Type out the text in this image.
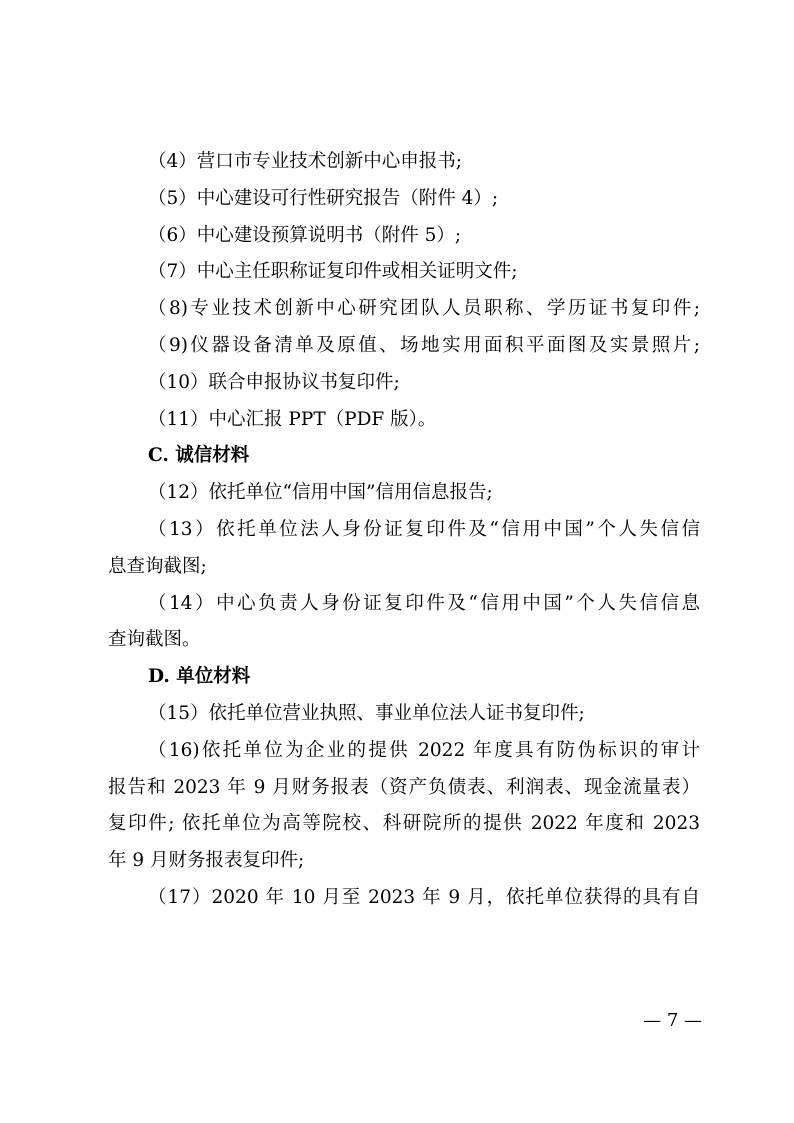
（4）营口市专业技术创新中心申报书;
（5）中心建设可行性研究报告（附件 4）;
（6）中心建设预算说明书（附件 5）;
（7）中心主任职称证复印件或相关证明文件;
（8)专业技术创新中心研究团队人员职称、学历证书复印件;
（9)仪器设备清单及原值、场地实用面积平面图及实景照片;
（10）联合申报协议书复印件;
（11）中心汇报 PPT（PDF 版）。
C. 诚信材料
（12）依托单位“信用中国”信用信息报告;
（13）依托单位法人身份证复印件及“信用中国”个人失信信
息查询截图;
（14）中心负责人身份证复印件及“信用中国”个人失信信息
查询截图。
D. 单位材料
（15）依托单位营业执照、事业单位法人证书复印件;
（16)依托单位为企业的提供 2022 年度具有防伪标识的审计
报告和 2023 年 9 月财务报表（资产负债表、利润表、现金流量表）
复印件; 依托单位为高等院校、科研院所的提供 2022 年度和 2023
年 9 月财务报表复印件;
（17）2020 年 10 月至 2023 年 9 月，依托单位获得的具有自
— 7 —
